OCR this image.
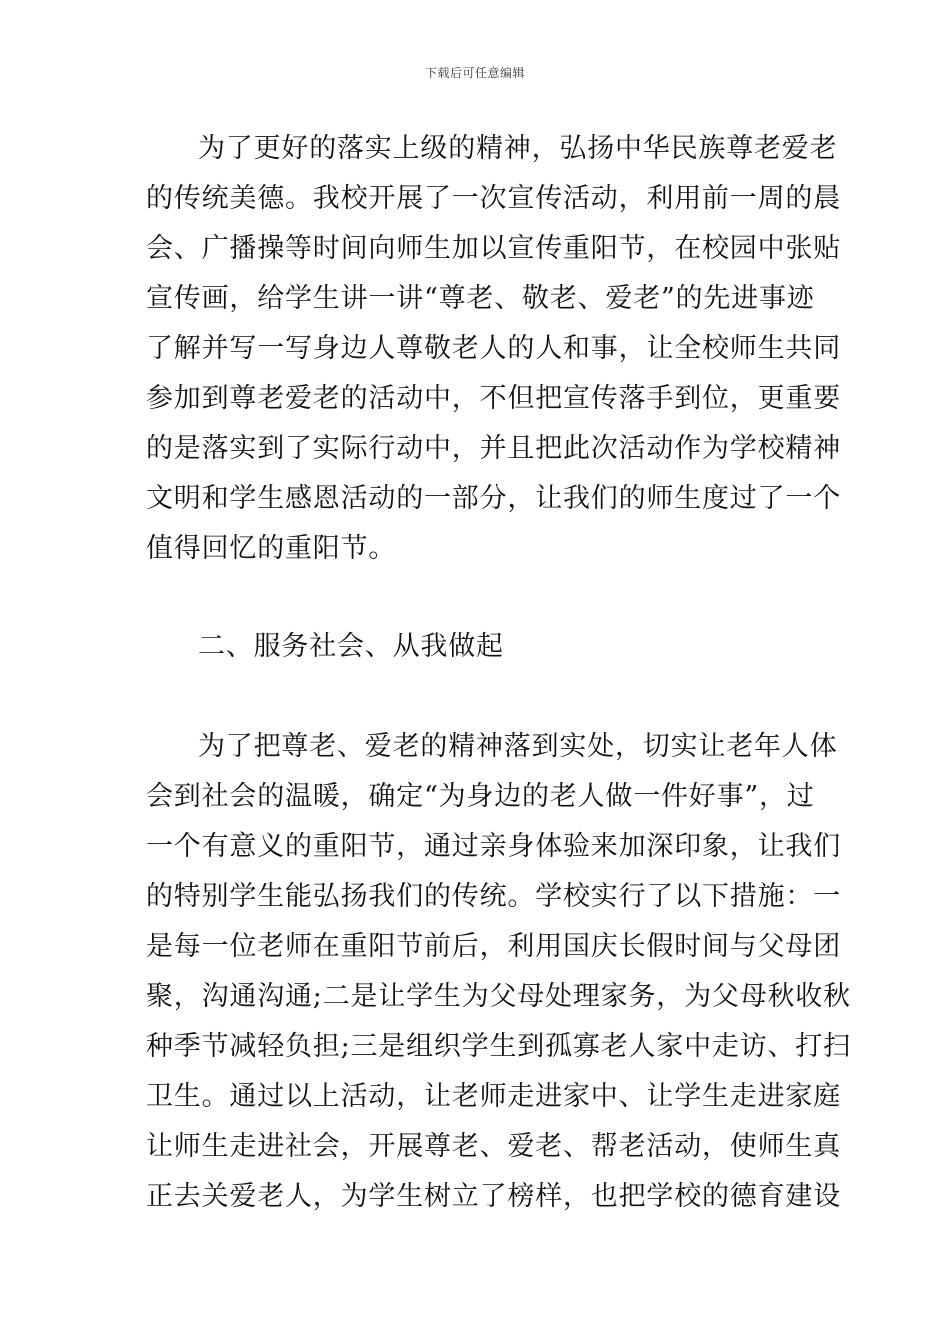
下载后可任意编辑
为了更好的落实上级的精神，弘扬中华民族尊老爱老
的传统美德。我校开展了一次宣传活动，利用前一周的晨
会、广播操等时间向师生加以宣传重阳节，在校园中张贴
宣传画，给学生讲一讲“尊老、敬老、爱老”的先进事迹
了解并写一写身边人尊敬老人的人和事，让全校师生共同
参加到尊老爱老的活动中，不但把宣传落手到位，更重要
的是落实到了实际行动中，并且把此次活动作为学校精神
文明和学生感恩活动的一部分，让我们的师生度过了一个
值得回忆的重阳节。
二、服务社会、从我做起
为了把尊老、爱老的精神落到实处，切实让老年人体
会到社会的温暖，确定“为身边的老人做一件好事”，过
一个有意义的重阳节，通过亲身体验来加深印象，让我们
的特别学生能弘扬我们的传统。学校实行了以下措施：一
是每一位老师在重阳节前后，利用国庆长假时间与父母团
聚，沟通沟通;二是让学生为父母处理家务，为父母秋收秋
种季节减轻负担;三是组织学生到孤寡老人家中走访、打扫
卫生。通过以上活动，让老师走进家中、让学生走进家庭
让师生走进社会，开展尊老、爱老、帮老活动，使师生真
正去关爱老人，为学生树立了榜样，也把学校的德育建设
